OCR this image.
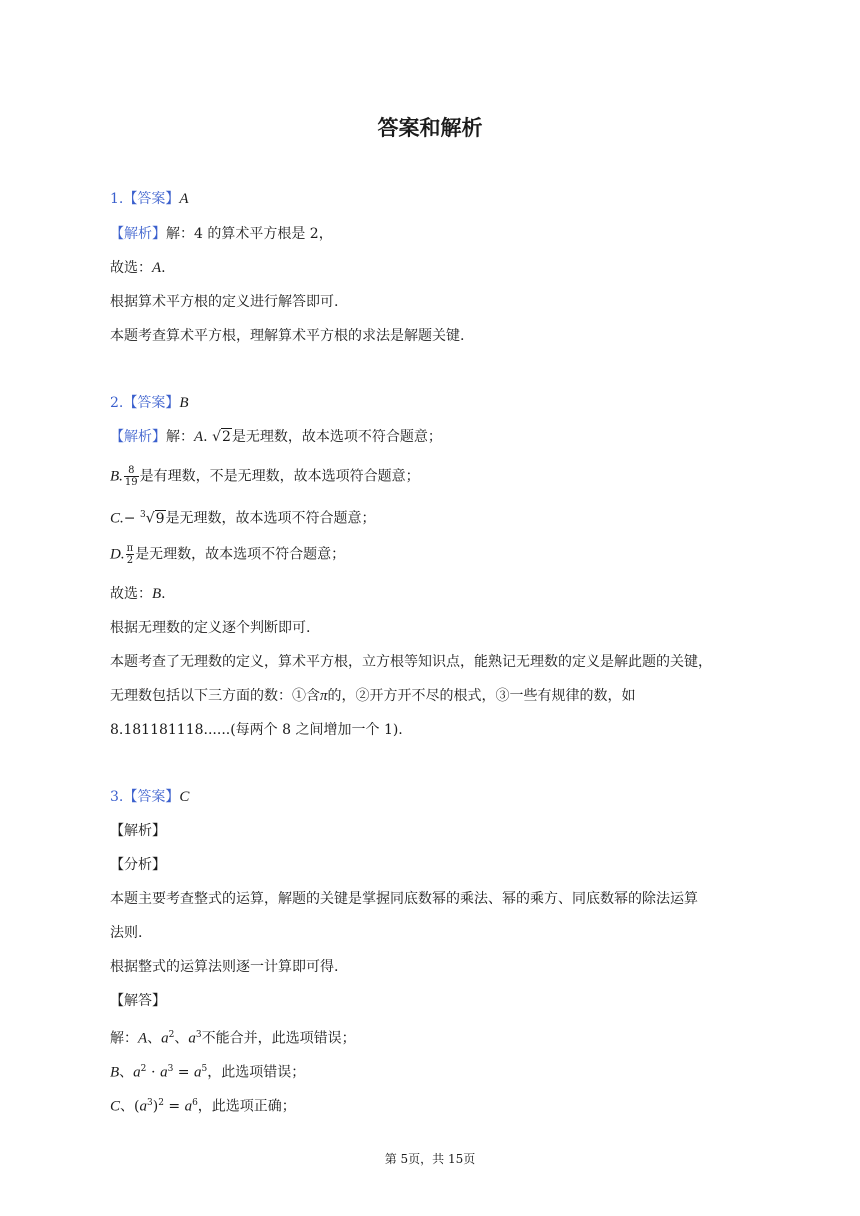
答案和解析
1.【答案】A
【解析】解：4 的算术平方根是 2，
故选：A.
根据算术平方根的定义进行解答即可.
本题考查算术平方根，理解算术平方根的求法是解题关键.
2.【答案】B
【解析】解：A. √2是无理数，故本选项不符合题意；
B. $\frac{8}{19}$ 是有理数，不是无理数，故本选项符合题意；
C.− $^3$√9是无理数，故本选项不符合题意；
D. $\frac{\pi}{2}$ 是无理数，故本选项不符合题意；
故选：B.
根据无理数的定义逐个判断即可.
本题考查了无理数的定义，算术平方根，立方根等知识点，能熟记无理数的定义是解此题的关键，
无理数包括以下三方面的数：①含π的，②开方开不尽的根式，③一些有规律的数，如
8.181181118......(每两个 8 之间增加一个 1).
3.【答案】C
【解析】
【分析】
本题主要考查整式的运算，解题的关键是掌握同底数幂的乘法、幂的乘方、同底数幂的除法运算
法则.
根据整式的运算法则逐一计算即可得.
【解答】
解：A、$a^2$、$a^3$不能合并，此选项错误；
B、$a^2 \cdot a^3 = a^5$，此选项错误；
C、$(a^3)^2 = a^6$，此选项正确；
第 5页，共 15页
